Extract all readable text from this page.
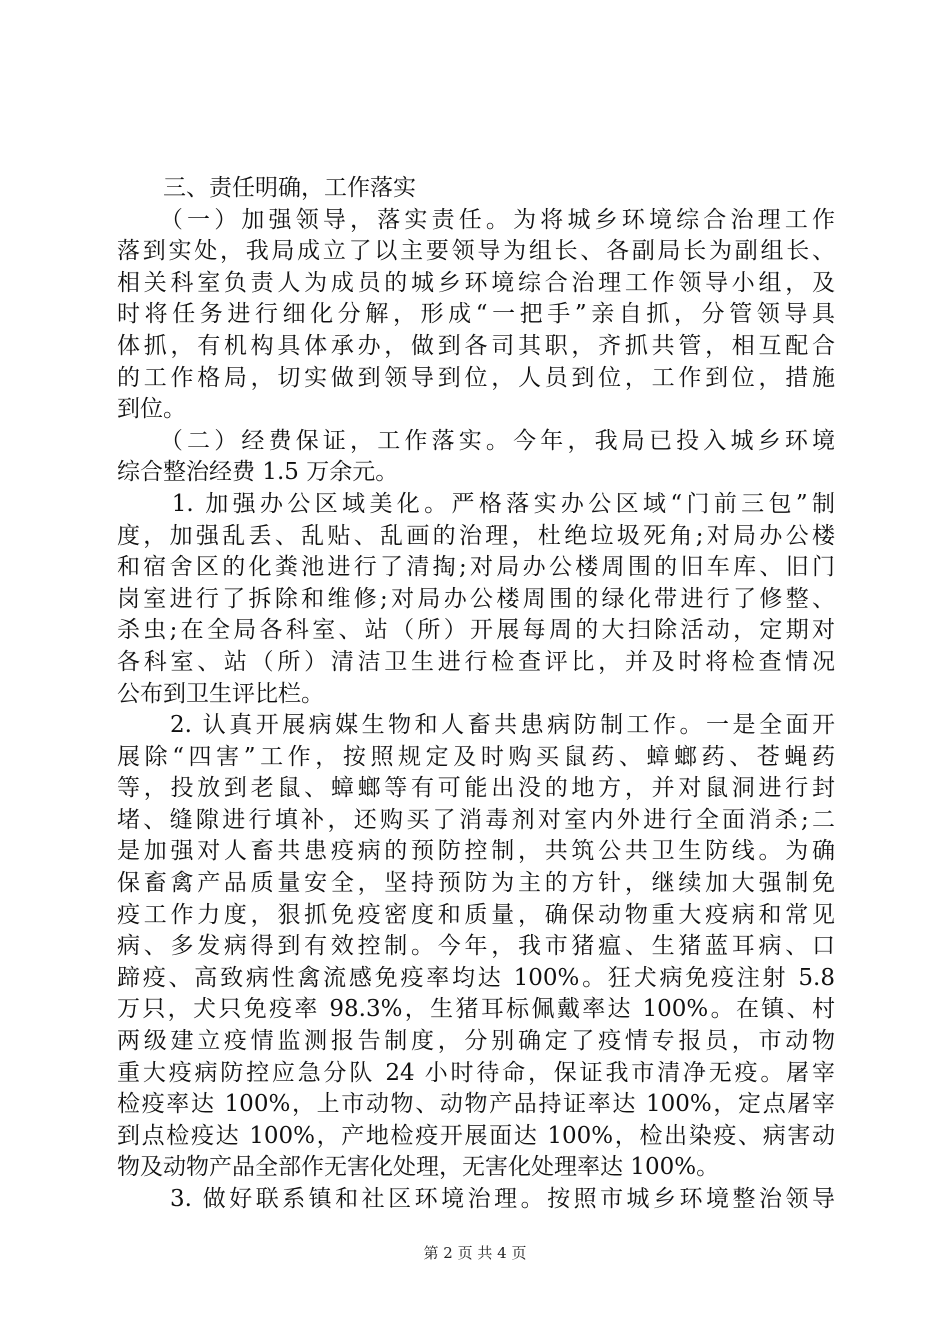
　　三、责任明确，工作落实
　　（一）加强领导，落实责任。为将城乡环境综合治理工作
落到实处，我局成立了以主要领导为组长、各副局长为副组长、
相关科室负责人为成员的城乡环境综合治理工作领导小组，及
时将任务进行细化分解，形成“一把手”亲自抓，分管领导具
体抓，有机构具体承办，做到各司其职，齐抓共管，相互配合
的工作格局，切实做到领导到位，人员到位，工作到位，措施
到位。
　　（二）经费保证，工作落实。今年，我局已投入城乡环境
综合整治经费 1.5 万余元。
　　1. 加强办公区域美化。严格落实办公区域“门前三包”制
度，加强乱丢、乱贴、乱画的治理，杜绝垃圾死角;对局办公楼
和宿舍区的化粪池进行了清掏;对局办公楼周围的旧车库、旧门
岗室进行了拆除和维修;对局办公楼周围的绿化带进行了修整、
杀虫;在全局各科室、站（所）开展每周的大扫除活动，定期对
各科室、站（所）清洁卫生进行检查评比，并及时将检查情况
公布到卫生评比栏。
　　2. 认真开展病媒生物和人畜共患病防制工作。一是全面开
展除“四害”工作，按照规定及时购买鼠药、蟑螂药、苍蝇药
等，投放到老鼠、蟑螂等有可能出没的地方，并对鼠洞进行封
堵、缝隙进行填补，还购买了消毒剂对室内外进行全面消杀;二
是加强对人畜共患疫病的预防控制，共筑公共卫生防线。为确
保畜禽产品质量安全，坚持预防为主的方针，继续加大强制免
疫工作力度，狠抓免疫密度和质量，确保动物重大疫病和常见
病、多发病得到有效控制。今年，我市猪瘟、生猪蓝耳病、口
蹄疫、高致病性禽流感免疫率均达 100%。狂犬病免疫注射 5.8
万只，犬只免疫率 98.3%，生猪耳标佩戴率达 100%。在镇、村
两级建立疫情监测报告制度，分别确定了疫情专报员，市动物
重大疫病防控应急分队 24 小时待命，保证我市清净无疫。屠宰
检疫率达 100%，上市动物、动物产品持证率达 100%，定点屠宰
到点检疫达 100%，产地检疫开展面达 100%，检出染疫、病害动
物及动物产品全部作无害化处理，无害化处理率达 100%。
　　3. 做好联系镇和社区环境治理。按照市城乡环境整治领导
第 2 页 共 4 页
